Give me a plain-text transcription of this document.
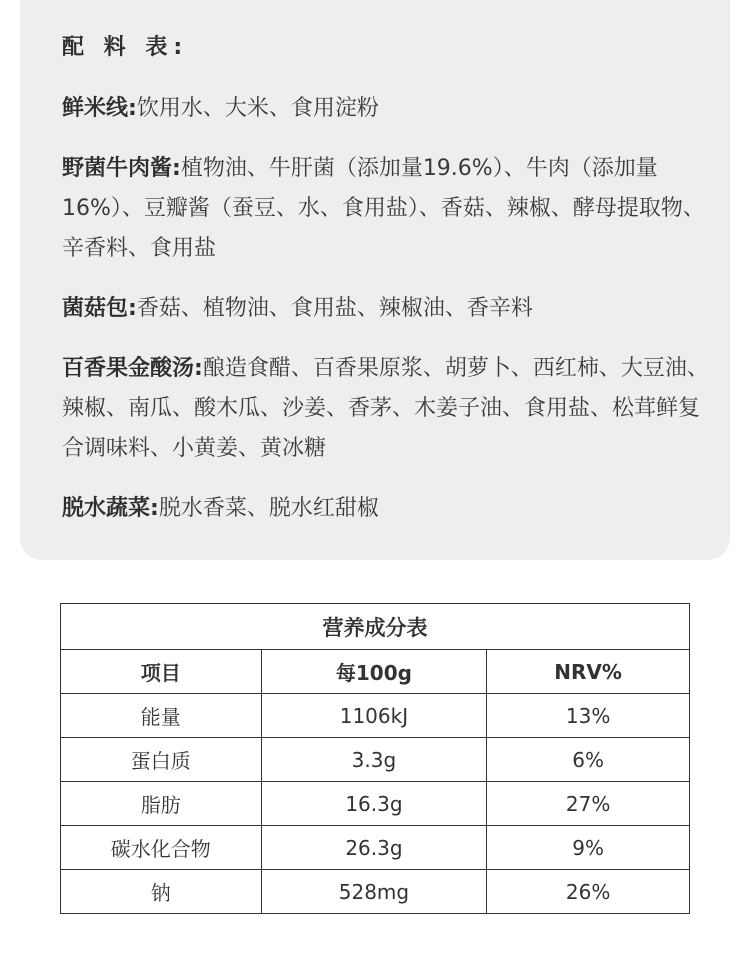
配 料 表:
鲜米线:饮用水、大米、食用淀粉
野菌牛肉酱:植物油、牛肝菌（添加量19.6%）、牛肉（添加量16%）、豆瓣酱（蚕豆、水、食用盐）、香菇、辣椒、酵母提取物、辛香料、食用盐
菌菇包:香菇、植物油、食用盐、辣椒油、香辛料
百香果金酸汤:酿造食醋、百香果原浆、胡萝卜、西红柿、大豆油、辣椒、南瓜、酸木瓜、沙姜、香茅、木姜子油、食用盐、松茸鲜复合调味料、小黄姜、黄冰糖
脱水蔬菜:脱水香菜、脱水红甜椒
营养成分表		
项目	每100g	NRV%
能量	1106kJ	13%
蛋白质	3.3g	6%
脂肪	16.3g	27%
碳水化合物	26.3g	9%
钠	528mg	26%
